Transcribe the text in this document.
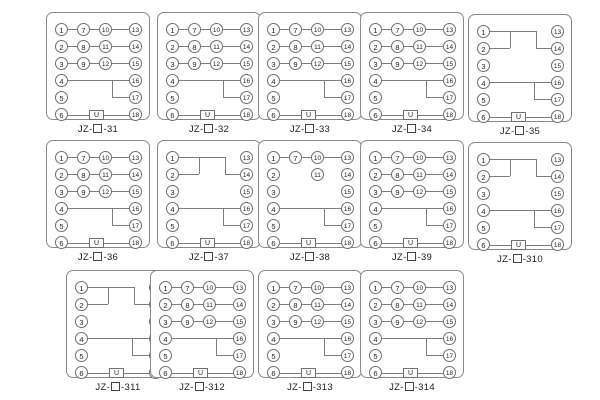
1
2
3
4
5
6
13
14
15
16
17
18
7
8
9
10
11
12
U
JZ- -31
1
2
3
4
5
6
13
14
15
16
17
18
7
8
9
10
11
12
U
JZ- -32
1
2
3
4
5
6
13
14
15
16
17
18
7
8
9
10
11
12
U
JZ- -33
1
2
3
4
5
6
13
14
15
16
17
18
7
8
9
10
11
12
U
JZ- -34
1
2
3
4
5
6
13
14
15
16
17
18
U
JZ- -35
1
2
3
4
5
6
13
14
15
16
17
18
7
8
9
10
11
12
U
JZ- -36
1
2
3
4
5
6
13
14
15
16
17
18
U
JZ- -37
1
2
3
4
5
6
13
14
15
16
17
18
7	10
11
U
JZ- -38
1
2
3
4
5
6
13
14
15
16
17
18
7
8
9
10
11
12
U
JZ- -39
1
2
3
4
5
6
13
14
15
16
17
18
U
JZ- -310
1
2
3
4
5
6	U
JZ- -311
1
2
3
4
5
6
13
14
15
16
17
18
7
8
9
10
11
12
U
JZ- -312
1
2
3
4
5
6
13
14
15
16
17
18
7
8
9
10
11
12
U
JZ- -313
1
2
3
4
5
6
13
14
15
16
17
18
7
8
9
10
11
12
U
JZ- -314
